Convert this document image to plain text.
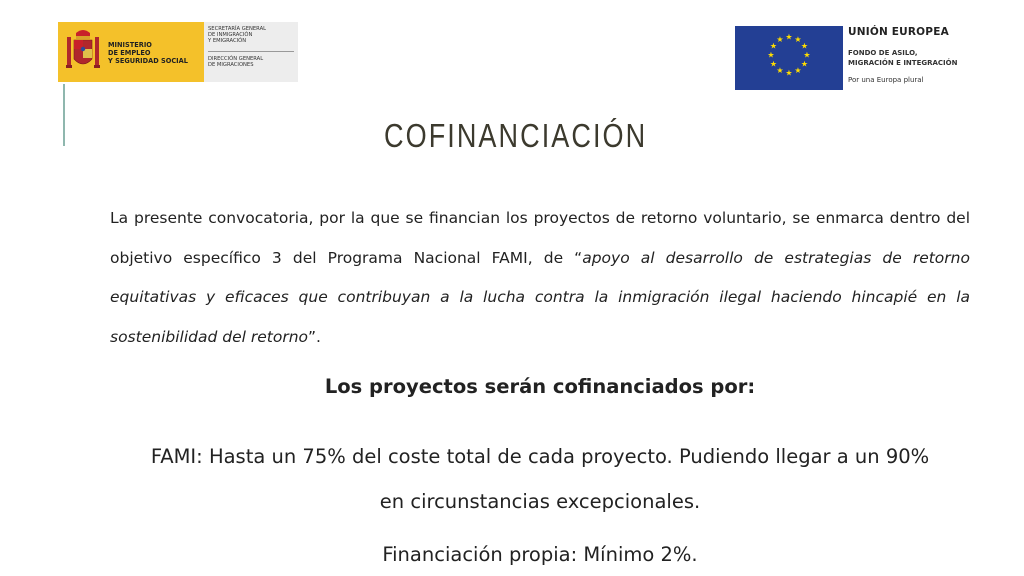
MINISTERIO
DE EMPLEO
Y SEGURIDAD SOCIAL
SECRETARÍA GENERAL
DE INMIGRACIÓN
Y EMIGRACIÓN
DIRECCIÓN GENERAL
DE MIGRACIONES
★ ★
★
★
★
★
★
★
★
★
★
★
UNIÓN EUROPEA
FONDO DE ASILO,
MIGRACIÓN E INTEGRACIÓN
Por una Europa plural
COFINANCIACIÓN
La presente convocatoria, por la que se financian los proyectos de retorno voluntario, se enmarca dentro del objetivo específico 3 del Programa Nacional FAMI, de “apoyo al desarrollo de estrategias de retorno equitativas y eficaces que contribuyan a la lucha contra la inmigración ilegal haciendo hincapié en la sostenibilidad del retorno”.
Los proyectos serán cofinanciados por:
FAMI: Hasta un 75% del coste total de cada proyecto. Pudiendo llegar a un 90%
en circunstancias excepcionales.
Financiación propia: Mínimo 2%.
